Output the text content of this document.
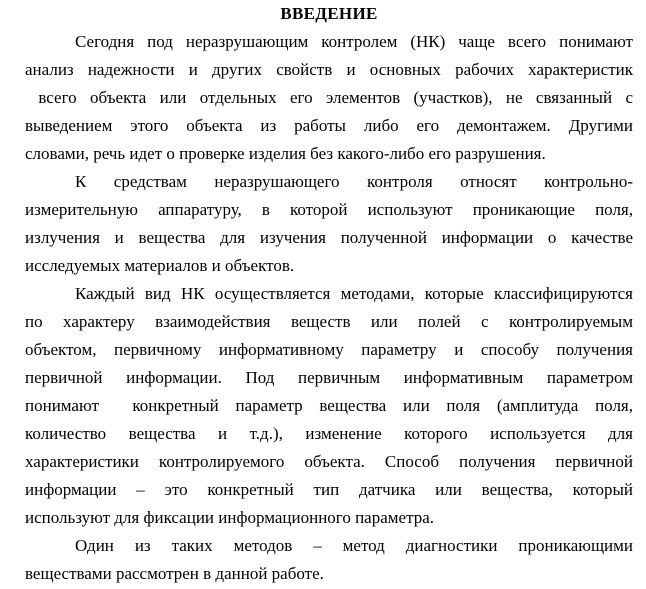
ВВЕДЕНИЕ
Сегодня под неразрушающим контролем (НК) чаще всего понимают
анализ надежности и других свойств и основных рабочих характеристик
всего объекта или отдельных его элементов (участков), не связанный с
выведением этого объекта из работы либо его демонтажем. Другими
словами, речь идет о проверке изделия без какого-либо его разрушения.
К средствам неразрушающего контроля относят контрольно-
измерительную аппаратуру, в которой используют проникающие поля,
излучения и вещества для изучения полученной информации о качестве
исследуемых материалов и объектов.
Каждый вид НК осуществляется методами, которые классифицируются
по характеру взаимодействия веществ или полей с контролируемым
объектом, первичному информативному параметру и способу получения
первичной информации. Под первичным информативным параметром
понимают  конкретный параметр вещества или поля (амплитуда поля,
количество вещества и т.д.), изменение которого используется для
характеристики контролируемого объекта. Способ получения первичной
информации – это конкретный тип датчика или вещества, который
используют для фиксации информационного параметра.
Один из таких методов – метод диагностики проникающими
веществами рассмотрен в данной работе.
